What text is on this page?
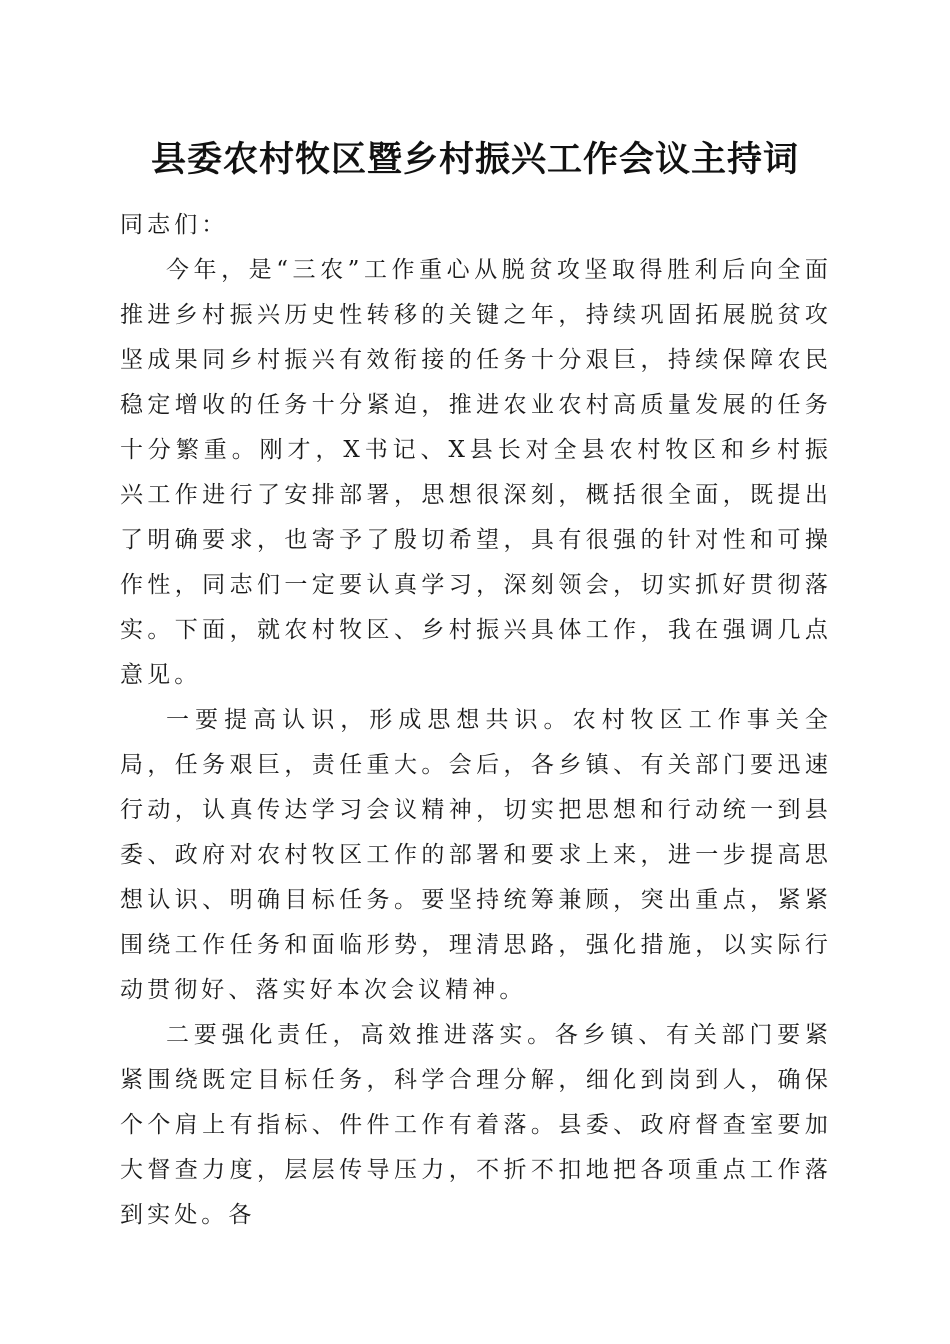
县委农村牧区暨乡村振兴工作会议主持词

同志们：

今年，是“三农”工作重心从脱贫攻坚取得胜利后向全面推进乡村振兴历史性转移的关键之年，持续巩固拓展脱贫攻坚成果同乡村振兴有效衔接的任务十分艰巨，持续保障农民稳定增收的任务十分紧迫，推进农业农村高质量发展的任务十分繁重。刚才，X书记、X县长对全县农村牧区和乡村振兴工作进行了安排部署，思想很深刻，概括很全面，既提出了明确要求，也寄予了殷切希望，具有很强的针对性和可操作性，同志们一定要认真学习，深刻领会，切实抓好贯彻落实。下面，就农村牧区、乡村振兴具体工作，我在强调几点意见。

一要提高认识，形成思想共识。农村牧区工作事关全局，任务艰巨，责任重大。会后，各乡镇、有关部门要迅速行动，认真传达学习会议精神，切实把思想和行动统一到县委、政府对农村牧区工作的部署和要求上来，进一步提高思想认识、明确目标任务。要坚持统筹兼顾，突出重点，紧紧围绕工作任务和面临形势，理清思路，强化措施，以实际行动贯彻好、落实好本次会议精神。

二要强化责任，高效推进落实。各乡镇、有关部门要紧紧围绕既定目标任务，科学合理分解，细化到岗到人，确保个个肩上有指标、件件工作有着落。县委、政府督查室要加大督查力度，层层传导压力，不折不扣地把各项重点工作落到实处。各
